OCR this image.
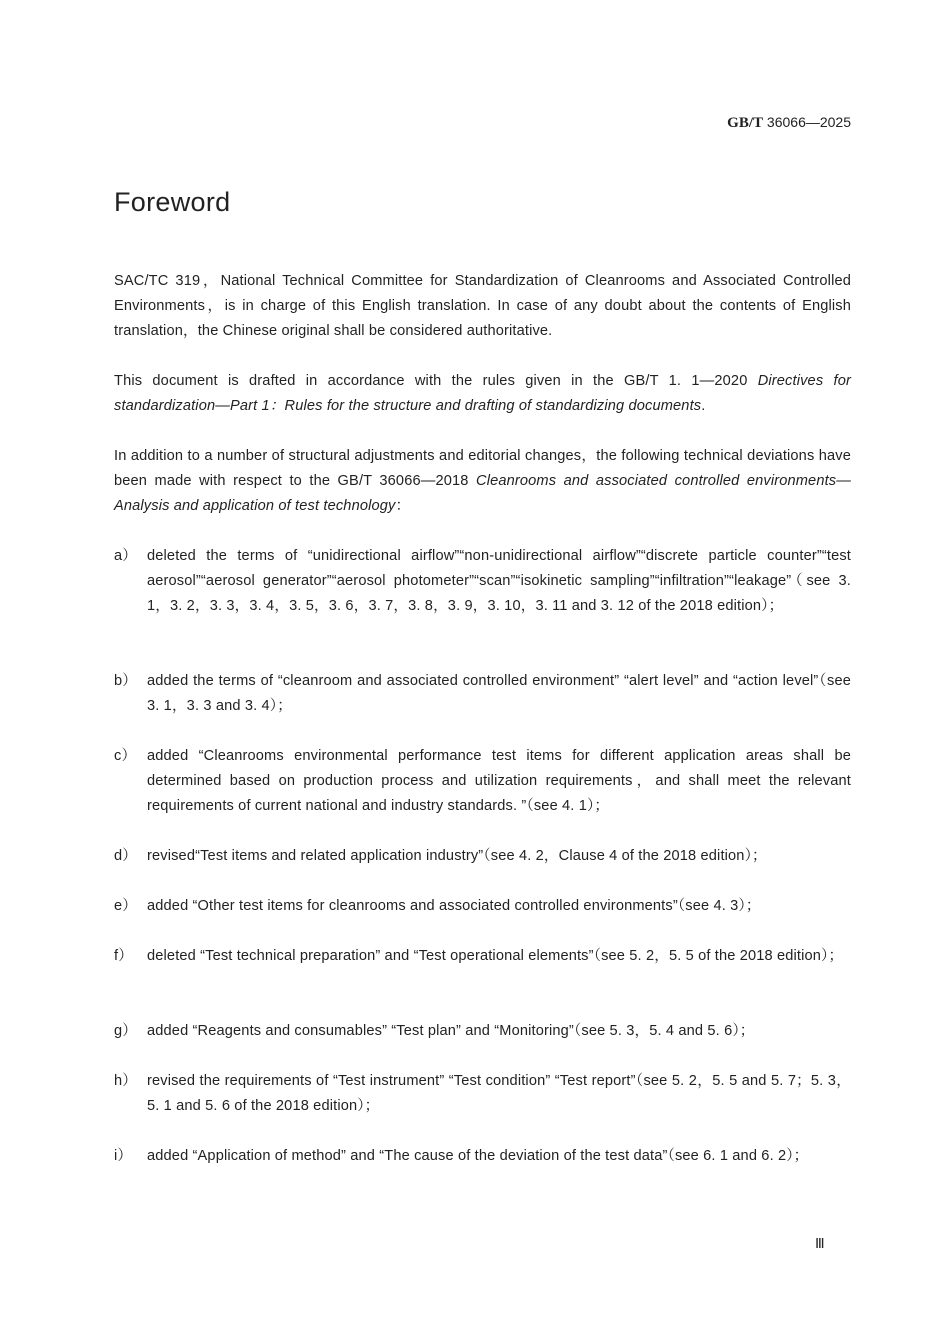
GB/T 36066—2025
Foreword
SAC/TC 319，National Technical Committee for Standardization of Cleanrooms and Associated Controlled Environments，is in charge of this English translation. In case of any doubt about the contents of English translation，the Chinese original shall be considered authoritative.
This document is drafted in accordance with the rules given in the GB/T 1. 1—2020 Directives for standardization—Part 1：Rules for the structure and drafting of standardizing documents.
In addition to a number of structural adjustments and editorial changes，the following technical deviations have been made with respect to the GB/T 36066—2018 Cleanrooms and associated controlled environments—Analysis and application of test technology：
a） deleted the terms of “unidirectional airflow”“non-unidirectional airflow”“discrete particle counter”“test aerosol”“aerosol generator”“aerosol photometer”“scan”“isokinetic sampling”“infiltration”“leakage”（see 3. 1，3. 2，3. 3，3. 4，3. 5，3. 6，3. 7，3. 8，3. 9，3. 10，3. 11 and 3. 12 of the 2018 edition）；
b） added the terms of “cleanroom and associated controlled environment” “alert level” and “action level”（see 3. 1，3. 3 and 3. 4）；
c） added “Cleanrooms environmental performance test items for different application areas shall be determined based on production process and utilization requirements，and shall meet the relevant requirements of current national and industry standards. ”（see 4. 1）；
d） revised“Test items and related application industry”（see 4. 2，Clause 4 of the 2018 edition）；
e） added “Other test items for cleanrooms and associated controlled environments”（see 4. 3）；
f） deleted “Test technical preparation” and “Test operational elements”（see 5. 2，5. 5 of the 2018 edition）；
g） added “Reagents and consumables” “Test plan” and “Monitoring”（see 5. 3，5. 4 and 5. 6）；
h） revised the requirements of “Test instrument” “Test condition” “Test report”（see 5. 2，5. 5 and 5. 7；5. 3，5. 1 and 5. 6 of the 2018 edition）；
i）	added “Application of method” and “The cause of the deviation of the test data”（see 6. 1 and 6. 2）；
Ⅲ
